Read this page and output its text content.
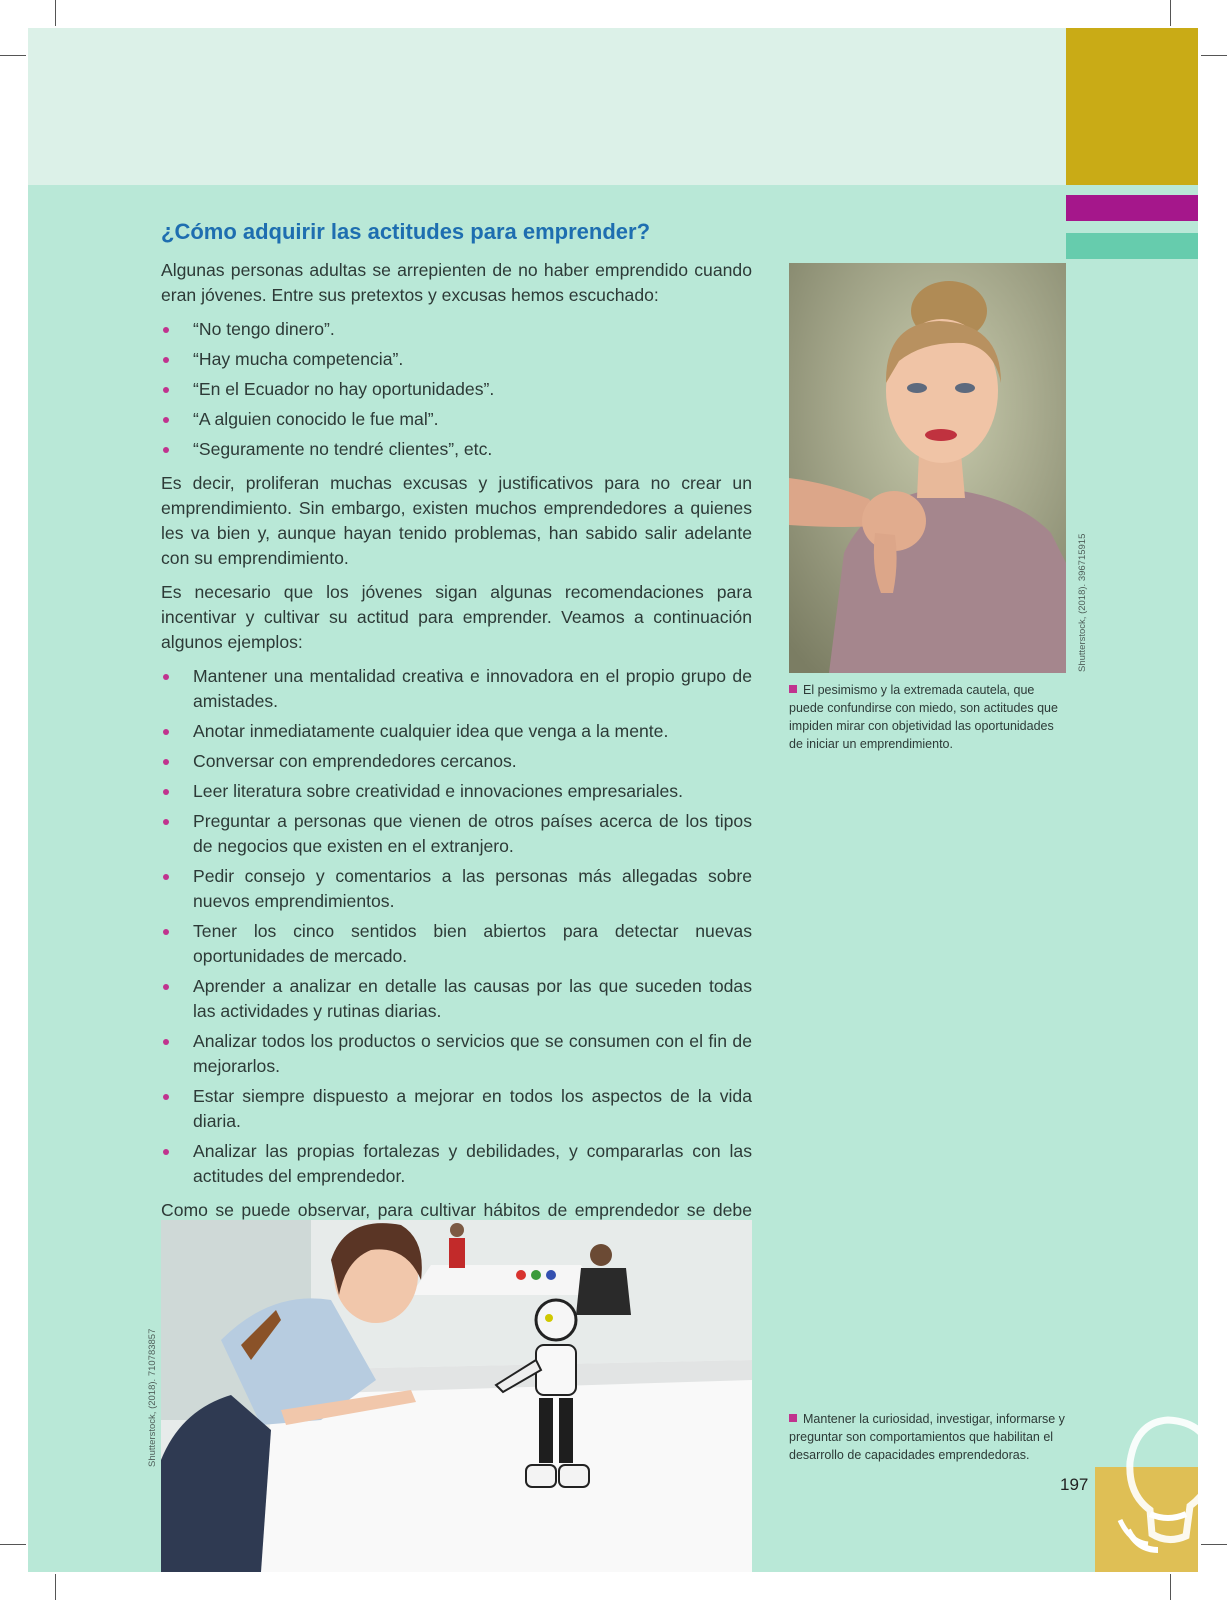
¿Cómo adquirir las actitudes para emprender?

Algunas personas adultas se arrepienten de no haber emprendido cuando eran jóvenes. Entre sus pretextos y excusas hemos escuchado:

“No tengo dinero”.
“Hay mucha competencia”.
“En el Ecuador no hay oportunidades”.
“A alguien conocido le fue mal”.
“Seguramente no tendré clientes”, etc.

Es decir, proliferan muchas excusas y justificativos para no crear un emprendimiento. Sin embargo, existen muchos emprendedores a quienes les va bien y, aunque hayan tenido problemas, han sabido salir adelante con su emprendimiento.

Es necesario que los jóvenes sigan algunas recomendaciones para incentivar y cultivar su actitud para emprender. Veamos a continuación algunos ejemplos:

Mantener una mentalidad creativa e innovadora en el propio grupo de amistades.
Anotar inmediatamente cualquier idea que venga a la mente.
Conversar con emprendedores cercanos.
Leer literatura sobre creatividad e innovaciones empresariales.
Preguntar a personas que vienen de otros países acerca de los tipos de negocios que existen en el extranjero.
Pedir consejo y comentarios a las personas más allegadas sobre nuevos emprendimientos.
Tener los cinco sentidos bien abiertos para detectar nuevas oportunidades de mercado.
Aprender a analizar en detalle las causas por las que suceden todas las actividades y rutinas diarias.
Analizar todos los productos o servicios que se consumen con el fin de mejorarlos.
Estar siempre dispuesto a mejorar en todos los aspectos de la vida diaria.
Analizar las propias fortalezas y debilidades, y compararlas con las actitudes del emprendedor.

Como se puede observar, para cultivar hábitos de emprendedor se debe

Shutterstock, (2018). 396715915
El pesimismo y la extremada cautela, que puede confundirse con miedo, son actitudes que impiden mirar con objetividad las oportunidades de iniciar un emprendimiento.
Shutterstock, (2018). 710783857	Mantener la curiosidad, investigar, informarse y preguntar son comportamientos que habilitan el desarrollo de capacidades emprendedoras.
197
